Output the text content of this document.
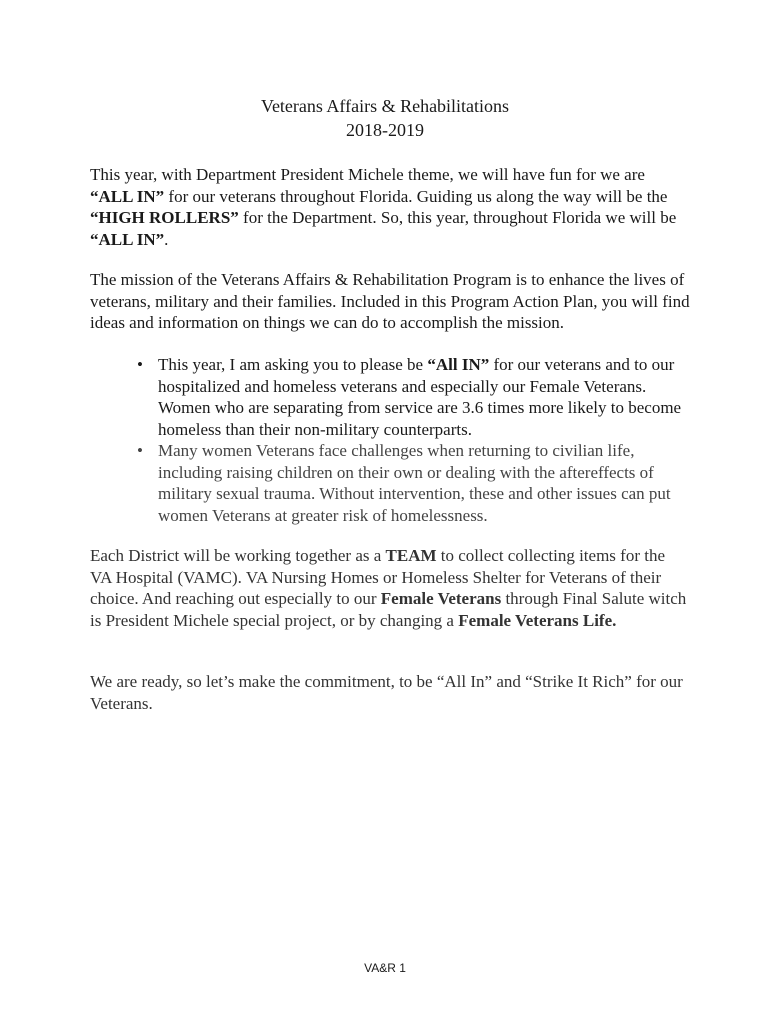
Veterans Affairs & Rehabilitations
2018-2019

This year, with Department President Michele theme, we will have fun for we are “ALL IN” for our veterans throughout Florida. Guiding us along the way will be the “HIGH ROLLERS” for the Department. So, this year, throughout Florida we will be “ALL IN”.

The mission of the Veterans Affairs & Rehabilitation Program is to enhance the lives of veterans, military and their families. Included in this Program Action Plan, you will find ideas and information on things we can do to accomplish the mission.

• This year, I am asking you to please be “All IN” for our veterans and to our hospitalized and homeless veterans and especially our Female Veterans. Women who are separating from service are 3.6 times more likely to become homeless than their non-military counterparts.
• Many women Veterans face challenges when returning to civilian life, including raising children on their own or dealing with the aftereffects of military sexual trauma. Without intervention, these and other issues can put women Veterans at greater risk of homelessness.

Each District will be working together as a TEAM to collect collecting items for the VA Hospital (VAMC). VA Nursing Homes or Homeless Shelter for Veterans of their choice. And reaching out especially to our Female Veterans through Final Salute witch is President Michele special project, or by changing a Female Veterans Life.

We are ready, so let’s make the commitment, to be “All In” and “Strike It Rich” for our Veterans.

VA&R 1
